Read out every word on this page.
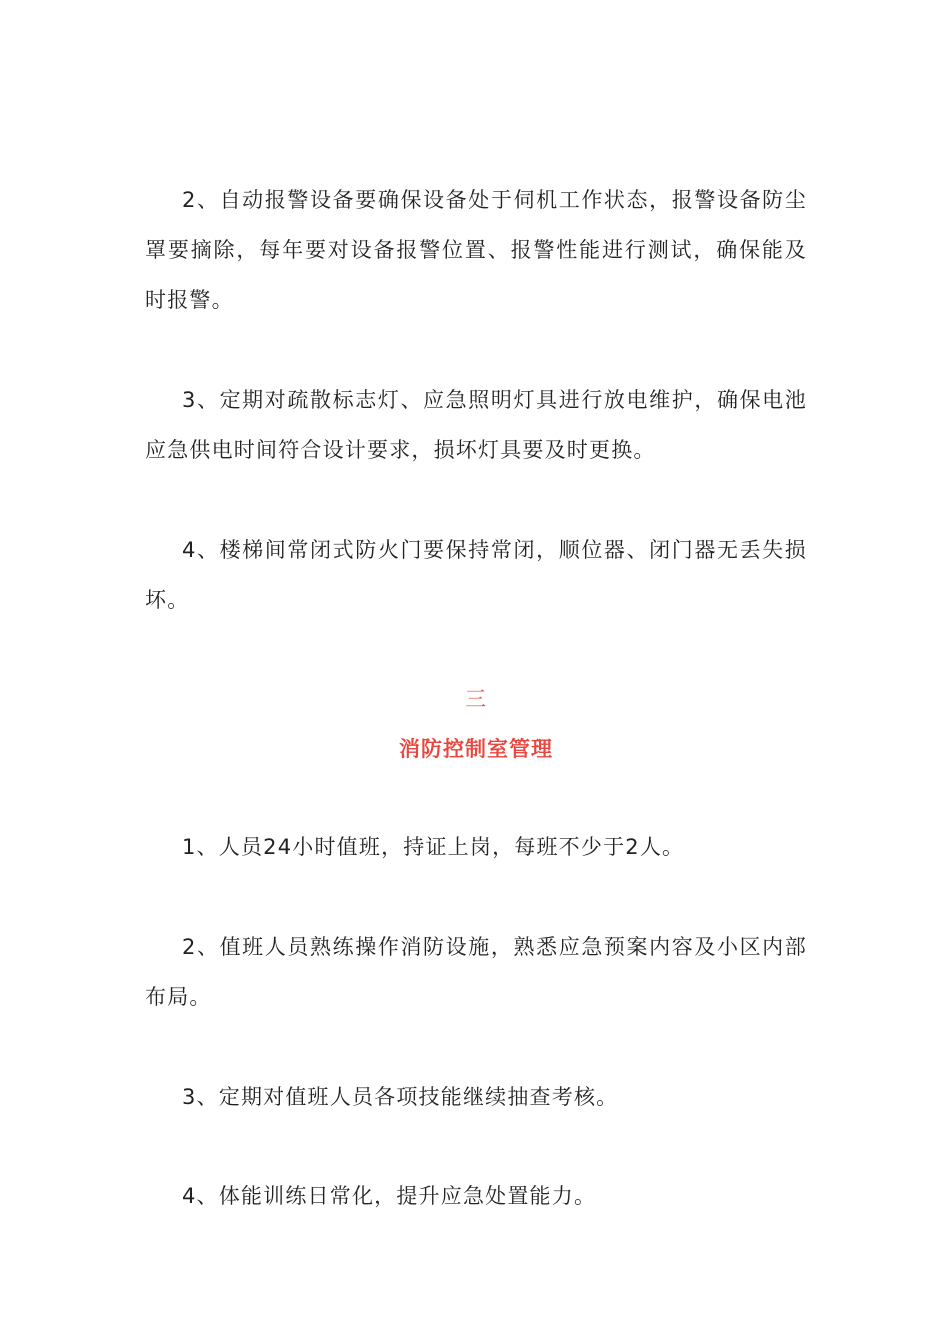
2、自动报警设备要确保设备处于伺机工作状态，报警设备防尘罩要摘除，每年要对设备报警位置、报警性能进行测试，确保能及时报警。

3、定期对疏散标志灯、应急照明灯具进行放电维护，确保电池应急供电时间符合设计要求，损坏灯具要及时更换。

4、楼梯间常闭式防火门要保持常闭，顺位器、闭门器无丢失损坏。

三
消防控制室管理

1、人员24小时值班，持证上岗，每班不少于2人。

2、值班人员熟练操作消防设施，熟悉应急预案内容及小区内部布局。

3、定期对值班人员各项技能继续抽查考核。

4、体能训练日常化，提升应急处置能力。
